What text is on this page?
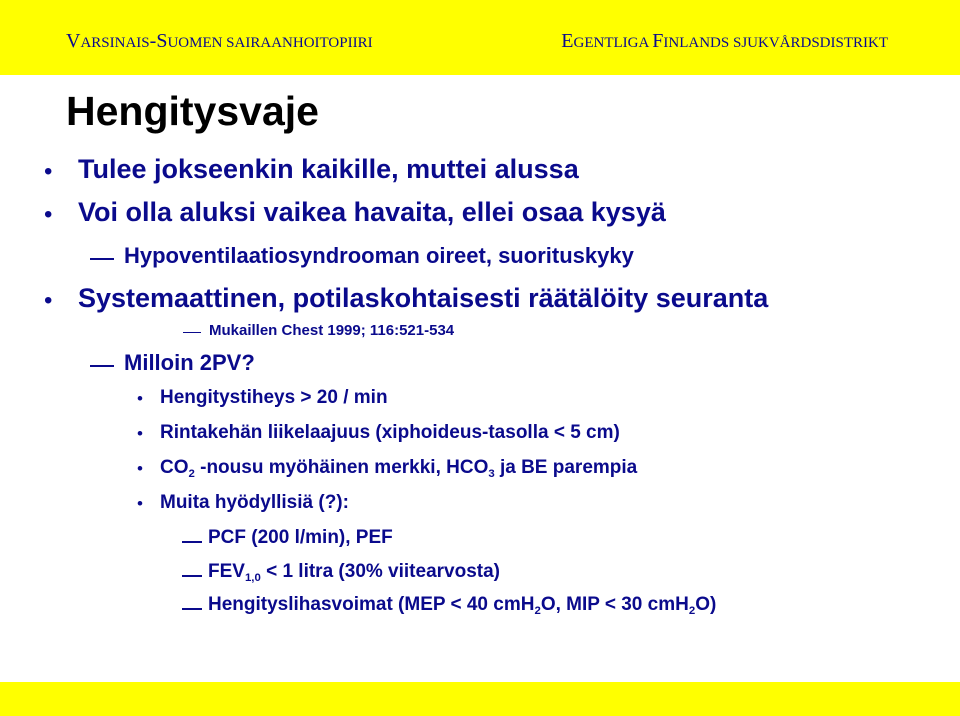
VARSINAIS-SUOMEN SAIRAANHOITOPIIRI	EGENTLIGA FINLANDS SJUKVÅRDSDISTRIKT
Hengitysvaje
• Tulee jokseenkin kaikille, muttei alussa
• Voi olla aluksi vaikea havaita, ellei osaa kysyä
Hypoventilaatiosyndrooman oireet, suorituskyky
• Systemaattinen, potilaskohtaisesti räätälöity seuranta
Mukaillen Chest 1999; 116:521-534
Milloin 2PV?
• Hengitystiheys > 20 / min
• Rintakehän liikelaajuus (xiphoideus-tasolla < 5 cm)
• $CO_2$ -nousu myöhäinen merkki, $HCO_3$ ja BE parempia
• Muita hyödyllisiä (?):
PCF (200 l/min), PEF
$FEV_{1,0} < 1$ litra (30% viitearvosta)
Hengityslihasvoimat (MEP < 40 cmH$_2$O, MIP < 30 cmH$_2$O)
